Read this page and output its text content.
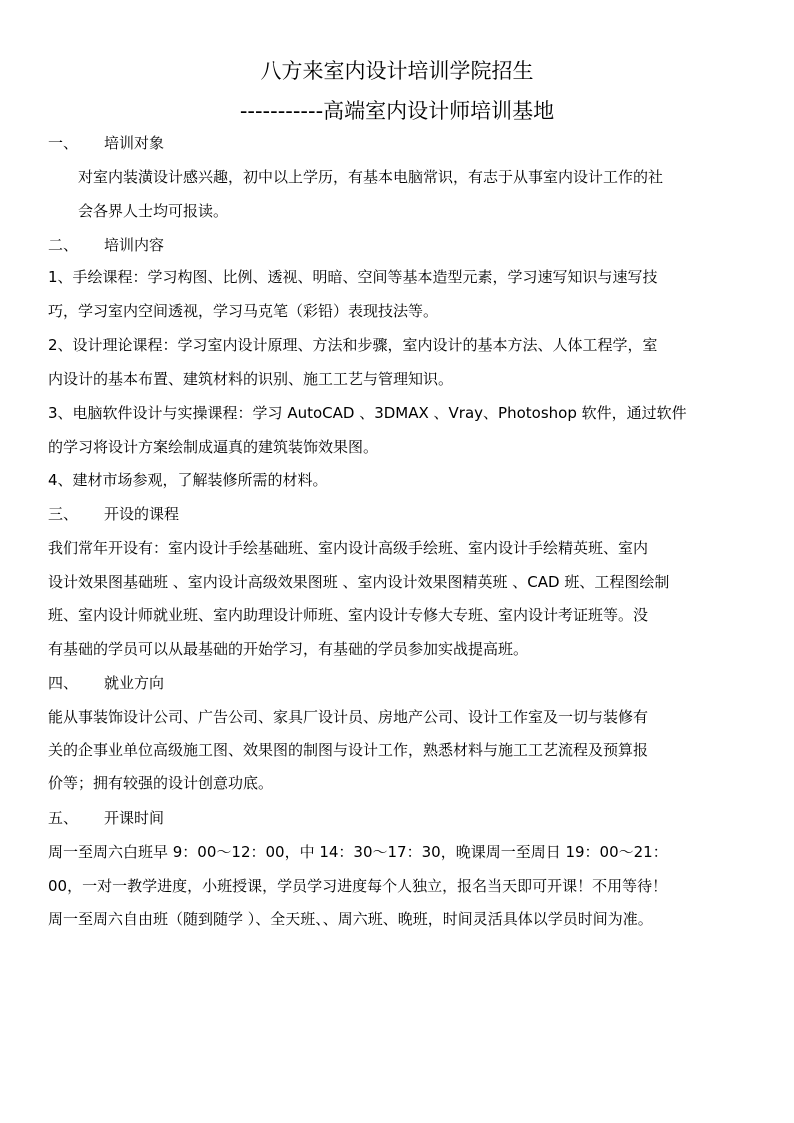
八方来室内设计培训学院招生
-----------高端室内设计师培训基地
一、 培训对象
对室内装潢设计感兴趣，初中以上学历，有基本电脑常识，有志于从事室内设计工作的社
会各界人士均可报读。
二、 培训内容
1、手绘课程：学习构图、比例、透视、明暗、空间等基本造型元素，学习速写知识与速写技
巧，学习室内空间透视，学习马克笔（彩铅）表现技法等。
2、设计理论课程：学习室内设计原理、方法和步骤，室内设计的基本方法、人体工程学，室
内设计的基本布置、建筑材料的识别、施工工艺与管理知识。
3、电脑软件设计与实操课程：学习 AutoCAD 、3DMAX 、Vray、Photoshop 软件，通过软件
的学习将设计方案绘制成逼真的建筑装饰效果图。
4、建材市场参观，了解装修所需的材料。
三、 开设的课程
我们常年开设有：室内设计手绘基础班、室内设计高级手绘班、室内设计手绘精英班、室内
设计效果图基础班 、室内设计高级效果图班 、室内设计效果图精英班 、CAD 班、工程图绘制
班、室内设计师就业班、室内助理设计师班、室内设计专修大专班、室内设计考证班等。没
有基础的学员可以从最基础的开始学习，有基础的学员参加实战提高班。
四、 就业方向
能从事装饰设计公司、广告公司、家具厂设计员、房地产公司、设计工作室及一切与装修有
关的企事业单位高级施工图、效果图的制图与设计工作，熟悉材料与施工工艺流程及预算报
价等；拥有较强的设计创意功底。
五、 开课时间
周一至周六白班早 9：00～12：00，中 14：30～17：30，晚课周一至周日 19：00～21：
00，一对一教学进度，小班授课，学员学习进度每个人独立，报名当天即可开课！不用等待！
周一至周六自由班（随到随学 ）、全天班、、周六班、晚班，时间灵活具体以学员时间为准。
